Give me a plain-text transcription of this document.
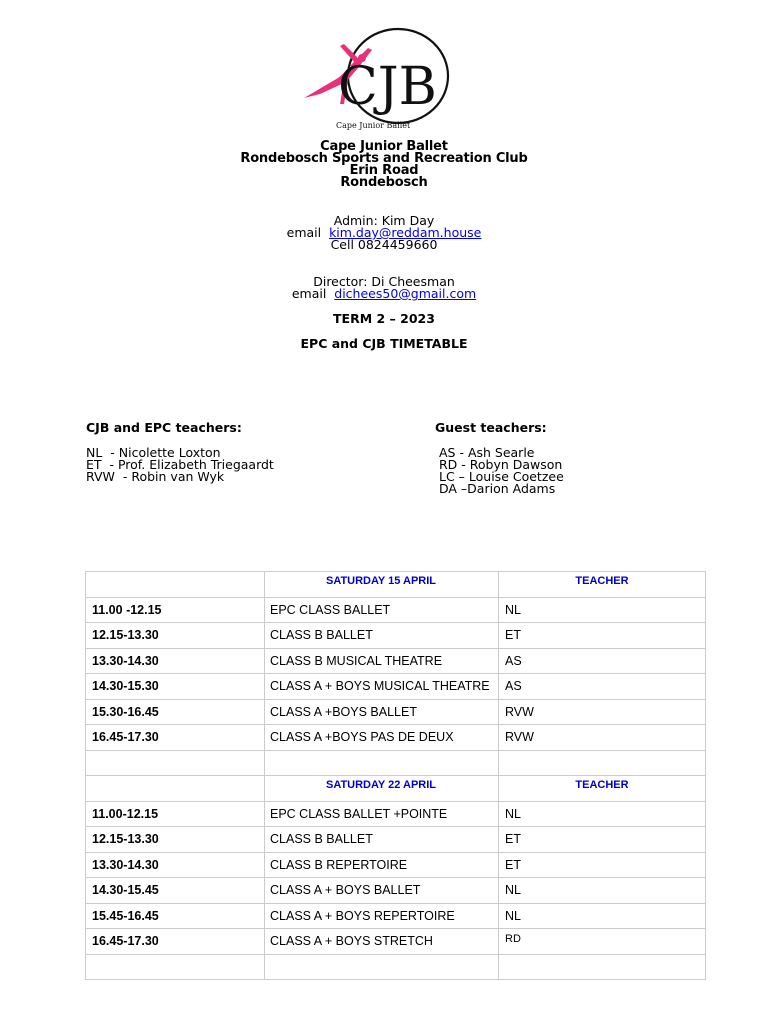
CJB
Cape Junior Ballet
Cape Junior Ballet
Rondebosch Sports and Recreation Club
Erin Road
Rondebosch
Admin: Kim Day
email kim.day@reddam.house
Cell 0824459660
Director: Di Cheesman
email dichees50@gmail.com
TERM 2 – 2023
EPC and CJB TIMETABLE
CJB and EPC teachers:
NL  - Nicolette Loxton
ET  - Prof. Elizabeth Triegaardt
RVW  - Robin van Wyk
Guest teachers:
AS - Ash Searle
RD - Robyn Dawson
LC – Louise Coetzee
DA –Darion Adams
	SATURDAY 15 APRIL	TEACHER
11.00 -12.15	EPC CLASS BALLET	NL
12.15-13.30	CLASS B BALLET	ET
13.30-14.30	CLASS B MUSICAL THEATRE	AS
14.30-15.30	CLASS A + BOYS MUSICAL THEATRE	AS
15.30-16.45	CLASS A +BOYS BALLET	RVW
16.45-17.30	CLASS A +BOYS PAS DE DEUX	RVW

	SATURDAY 22 APRIL	TEACHER
11.00-12.15	EPC CLASS BALLET +POINTE	NL
12.15-13.30	CLASS B BALLET	ET
13.30-14.30	CLASS B REPERTOIRE	ET
14.30-15.45	CLASS A + BOYS BALLET	NL
15.45-16.45	CLASS A + BOYS REPERTOIRE	NL
16.45-17.30	CLASS A + BOYS STRETCH	RD
